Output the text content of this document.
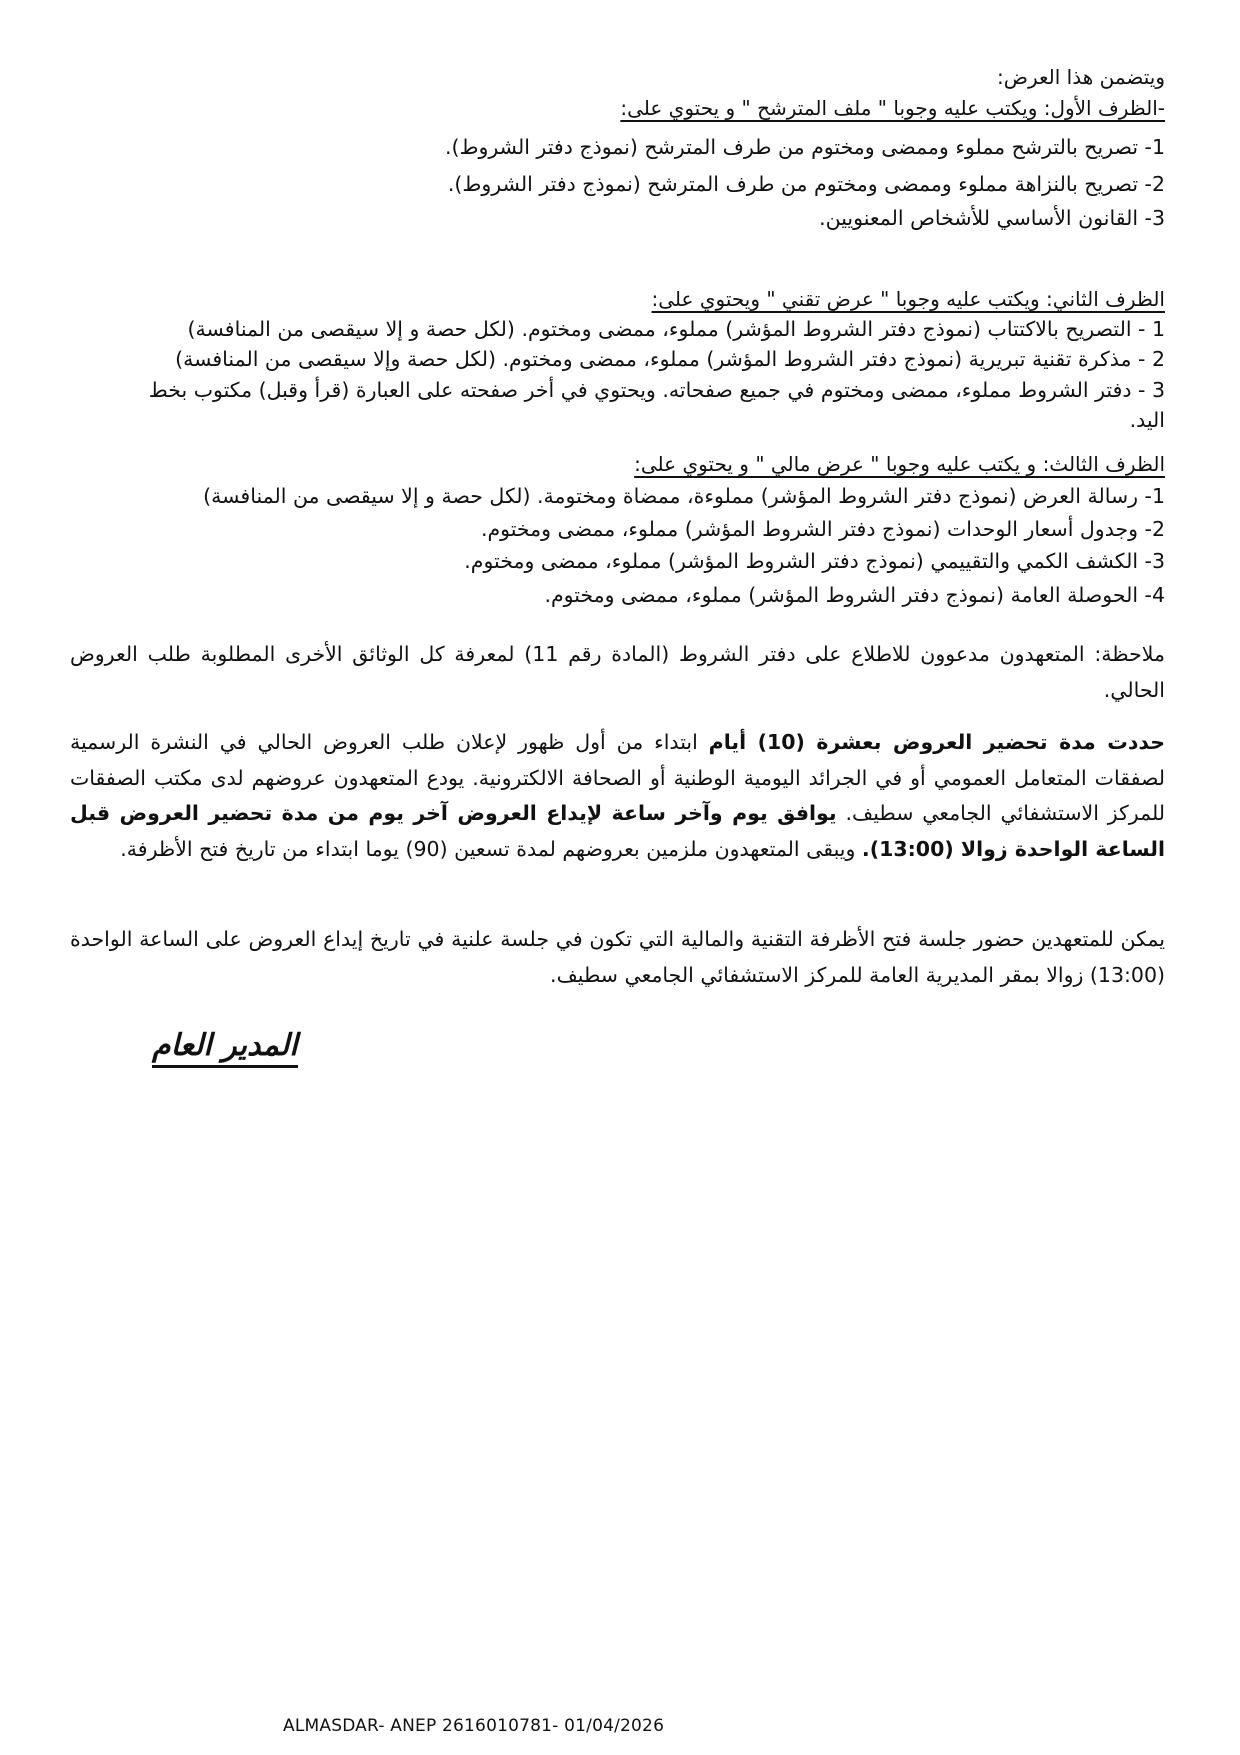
ويتضمن هذا العرض:
-الظرف الأول: ويكتب عليه وجوبا " ملف المترشح " و يحتوي على:
1- تصريح بالترشح مملوء وممضى ومختوم من طرف المترشح (نموذج دفتر الشروط).
2- تصريح بالنزاهة مملوء وممضى ومختوم من طرف المترشح (نموذج دفتر الشروط).
3- القانون الأساسي للأشخاص المعنويين.
الظرف الثاني: ويكتب عليه وجوبا " عرض تقني " ويحتوي على:
1 - التصريح بالاكتتاب (نموذج دفتر الشروط المؤشر) مملوء، ممضى ومختوم. (لكل حصة و إلا سيقصى من المنافسة)
2 - مذكرة تقنية تبريرية (نموذج دفتر الشروط المؤشر) مملوء، ممضى ومختوم. (لكل حصة وإلا سيقصى من المنافسة)
3 - دفتر الشروط مملوء، ممضى ومختوم في جميع صفحاته. ويحتوي في أخر صفحته على العبارة (قرأ وقبل) مكتوب بخط
اليد.
الظرف الثالث: و يكتب عليه وجوبا " عرض مالي " و يحتوي على:
1- رسالة العرض (نموذج دفتر الشروط المؤشر) مملوءة، ممضاة ومختومة. (لكل حصة و إلا سيقصى من المنافسة)
2- وجدول أسعار الوحدات (نموذج دفتر الشروط المؤشر) مملوء، ممضى ومختوم.
3- الكشف الكمي والتقييمي (نموذج دفتر الشروط المؤشر) مملوء، ممضى ومختوم.
4- الحوصلة العامة (نموذج دفتر الشروط المؤشر) مملوء، ممضى ومختوم.
ملاحظة: المتعهدون مدعوون للاطلاع على دفتر الشروط (المادة رقم 11) لمعرفة كل الوثائق الأخرى المطلوبة طلب العروض الحالي.
حددت مدة تحضير العروض بعشرة (10) أيام ابتداء من أول ظهور لإعلان طلب العروض الحالي في النشرة الرسمية لصفقات المتعامل العمومي أو في الجرائد اليومية الوطنية أو الصحافة الالكترونية. يودع المتعهدون عروضهم لدى مكتب الصفقات للمركز الاستشفائي الجامعي سطيف. يوافق يوم وآخر ساعة لإيداع العروض آخر يوم من مدة تحضير العروض قبل الساعة الواحدة زوالا (13:00). ويبقى المتعهدون ملزمين بعروضهم لمدة تسعين (90) يوما ابتداء من تاريخ فتح الأظرفة.
يمكن للمتعهدين حضور جلسة فتح الأظرفة التقنية والمالية التي تكون في جلسة علنية في تاريخ إيداع العروض على الساعة الواحدة (13:00) زوالا بمقر المديرية العامة للمركز الاستشفائي الجامعي سطيف.
المدير العام
ALMASDAR- ANEP 2616010781- 01/04/2026
